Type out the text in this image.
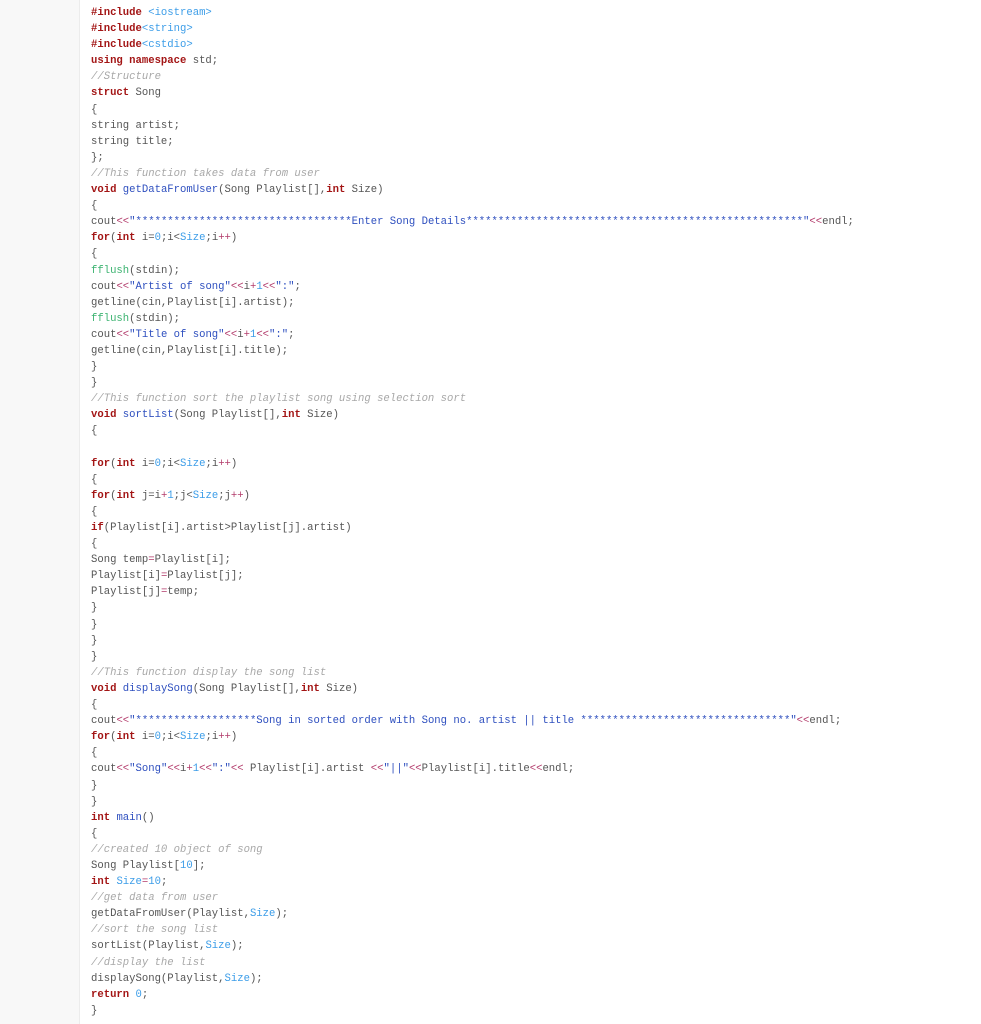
#include <iostream>
#include<string>
#include<cstdio>
using namespace std;
//Structure
struct Song
{
string artist;
string title;
};
//This function takes data from user
void getDataFromUser(Song Playlist[],int Size)
{
cout<<"**********************************Enter Song Details*****************************************************"<<endl;
for(int i=0;i<Size;i++)
{
fflush(stdin);
cout<<"Artist of song"<<i+1<<":";
getline(cin,Playlist[i].artist);
fflush(stdin);
cout<<"Title of song"<<i+1<<":";
getline(cin,Playlist[i].title);
}
}
//This function sort the playlist song using selection sort
void sortList(Song Playlist[],int Size)
{
for(int i=0;i<Size;i++)
{
for(int j=i+1;j<Size;j++)
{
if(Playlist[i].artist>Playlist[j].artist)
{
Song temp=Playlist[i];
Playlist[i]=Playlist[j];
Playlist[j]=temp;
}
}
}
}
//This function display the song list
void displaySong(Song Playlist[],int Size)
{
cout<<"*******************Song in sorted order with Song no. artist || title *********************************"<<endl;
for(int i=0;i<Size;i++)
{
cout<<"Song"<<i+1<<":"<< Playlist[i].artist <<"||"<<Playlist[i].title<<endl;
}
}
int main()
{
//created 10 object of song
Song Playlist[10];
int Size=10;
//get data from user
getDataFromUser(Playlist,Size);
//sort the song list
sortList(Playlist,Size);
//display the list
displaySong(Playlist,Size);
return 0;
}
